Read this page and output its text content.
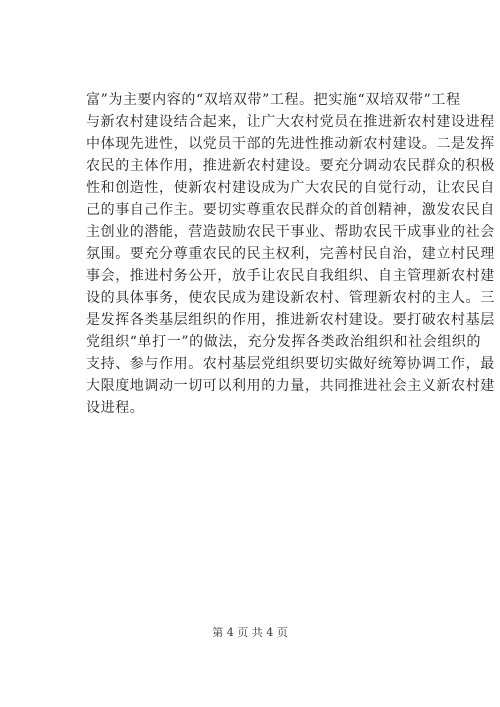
富”为主要内容的“双培双带”工程。把实施“双培双带”工程
与新农村建设结合起来，让广大农村党员在推进新农村建设进程
中体现先进性，以党员干部的先进性推动新农村建设。二是发挥
农民的主体作用，推进新农村建设。要充分调动农民群众的积极
性和创造性，使新农村建设成为广大农民的自觉行动，让农民自
己的事自己作主。要切实尊重农民群众的首创精神，激发农民自
主创业的潜能，营造鼓励农民干事业、帮助农民干成事业的社会
氛围。要充分尊重农民的民主权利，完善村民自治，建立村民理
事会，推进村务公开，放手让农民自我组织、自主管理新农村建
设的具体事务，使农民成为建设新农村、管理新农村的主人。三
是发挥各类基层组织的作用，推进新农村建设。要打破农村基层
党组织“单打一”的做法，充分发挥各类政治组织和社会组织的
支持、参与作用。农村基层党组织要切实做好统筹协调工作，最
大限度地调动一切可以利用的力量，共同推进社会主义新农村建
设进程。
第 4 页 共 4 页
